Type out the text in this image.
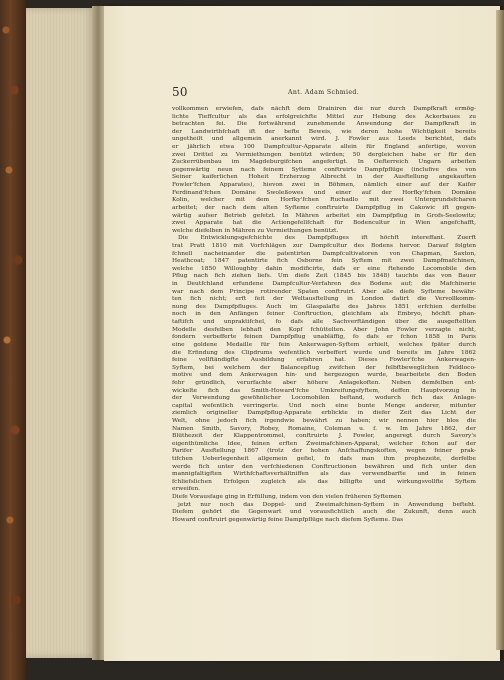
50	Ant. Adam Schmied.
vollkommen erwiefen, dafs nächft dem Drainiren die nur durch Dampfkraft ermög-
lichte Tieffcultur als das erfolgreichfte Mittel zur Hebung des Ackerbaues zu
betrachten fei. Die fortwährend zunehmende Anwendung der Dampfkraft in
der Landwirthfchaft ift der befte Beweis, wie deren hohe Wichtigkeit bereits
ungetheilt und allgemein anerkannt wird. J. Fowler aus Leeds berichtet, dafs
er jährlich etwa 100 Dampfcultur-Apparate allein für England anfertige, wovon
zwei Drittel zu Vermiethungen benützt würden; 50 dergleichen habe er für den
Zuckerrübenbau im Magdeburgifchen angefertigt. In Oefterreich Ungarn arbeiten
gegenwärtig neun nach feinem Sytteme conftruirte Dampfpflüge (inclufive des von
Seiner kaiferlichen Hoheit Erzherzog Albrecht in der Ausftellung angekauften
Fowler'fchen Apparates), hievon zwei in Böhmen, nämlich einer auf der Kaifer
Ferdinand'fchen Domäne Swoleßowes und einer auf der Horfky'fchen Domäne
Kolin, welcher mit dem Horfky'fchen Ruchadlo mit zwei Untergrundsfcharen
arbeitet; der nach dem alten Syfteme conftruirte Dampfpflug in Cakowic ift gegen-
wärtig aufser Betrieb gefetzt. In Mähren arbeitet ein Dampfpflug in Grofs-Seelowitz;
zwei Apparate hat die Actiengefellfchaft für Bodencultur in Wien angefchafft,
welche diefelben in Mähren zu Vermiethungen benützt.
Die Entwicklungsgefchichte des Dampfpfluges ift höchft intereffant. Zuerft
trat Pratt 1810 mit Vorfchlägen zur Dampfcultur des Bodens hervor. Darauf folgten
fchnell nacheinander die patentirten Dampfcultivatoren von Chapman, Saxton,
Heathcoat; 1847 patentirte fich Osborne fein Syftem mit zwei Dampfmafchinen,
welche 1850 Willoughby dahin modificirte, dafs er eine ftehende Locomobile den
Pflug nach fich ziehen liefs. Um diefe Zeit (1845 bis 1848) tauchte das von Bauer
in Deutfchland erfundene Dampfcultur-Verfahren des Bodens auf; die Mafchinerie
war nach dem Principe rotirender Spaten conftruirt. Aber alle diefe Syfteme bewähr-
ten fich nicht; erft feit der Weltausftellung in London datirt die Vervollkomm-
nung des Dampfpfluges. Auch im Glaspalafte des Jahres 1851 erfchien derfelbe
noch in den Anfängen feiner Conftruction, gleichfam als Embryo, höchft phan-
taftifch und unpraktifchel, fo dafs alle Sachverftändigen über die ausgeftellten
Modelle desfelben lebhaft den Kopf fchüttelten. Aber John Fowler verzagte nicht,
fondern verbefferte feinen Dampfpflug unabläffig, fo dafs er fchon 1858 in Paris
eine goldene Medaille für fein Ankerwagen-Syftem erhielt, welches fpäter durch
die Erfindung des Clipdrums wefentlich verbeffert wurde und bereits im Jahre 1862
feine vollftändigfte Ausbildung erfahren hat. Dieses Fowler'fche Ankerwagen-
Syftem, bei welchem der Balancepflug zwifchen der felbftbeweglichen Feldloco-
motive und dem Ankerwagen hin- und hergezogen wurde, bearbeitete den Boden
fehr gründlich, verurfachte aber höhere Anlagekoften. Neben demfelben ent-
wickelte fich das Smith-Howard'fche Umkreifungsfyftem, deffen Hauptvorzug in
der Verwendung gewöhnlicher Locomobilen beftand, wodurch fich das Anlage-
capital wefentlich verringerte. Und noch eine bunte Menge anderer, mitunter
ziemlich origineller Dampfpflug-Apparate erblickte in diefer Zeit das Licht der
Welt, ohne jedoch fich irgendwie bewährt zu haben; wir nennen hier blos die
Namen Smith, Savory, Robey, Romaine, Coleman u. f. w. Im Jahre 1862, der
Blüthezeit der Klappentrommel, conftruirte J. Fowler, angeregt durch Savory's
eigenthümliche Idee, feinen erften Zweimafchinen-Apparat, welcher fchon auf der
Parifer Ausftellung 1867 (trotz der hohen Anfchaffungskoften, wegen feiner prak-
tifchen Ueberlegenheit allgemein gefiel, fo dafs man ihm prophezeite, derfelbe
werde fich unter den verfchiedenen Conftructionen bewähren und fich unter den
mannigfaltigften Wirthfchaftsverhältniffen als das verwendbarfte und in feinen
fchliefslichen Erfolgen zugleich als das billigfte und wirkungsvollfte Syftem
erweifen.
Diefe Vorausfage ging in Erfüllung, indem von den vielen früheren Syftemen
jetzt nur noch das Doppel- und Zweimafchinen-Syftem in Anwendung befteht.
Diefem gehört die Gegenwart und vorausfichtlich auch die Zukunft, denn auch
Howard conftruirt gegenwärtig feine Dampfpflüge nach diefem Syfteme. Das
